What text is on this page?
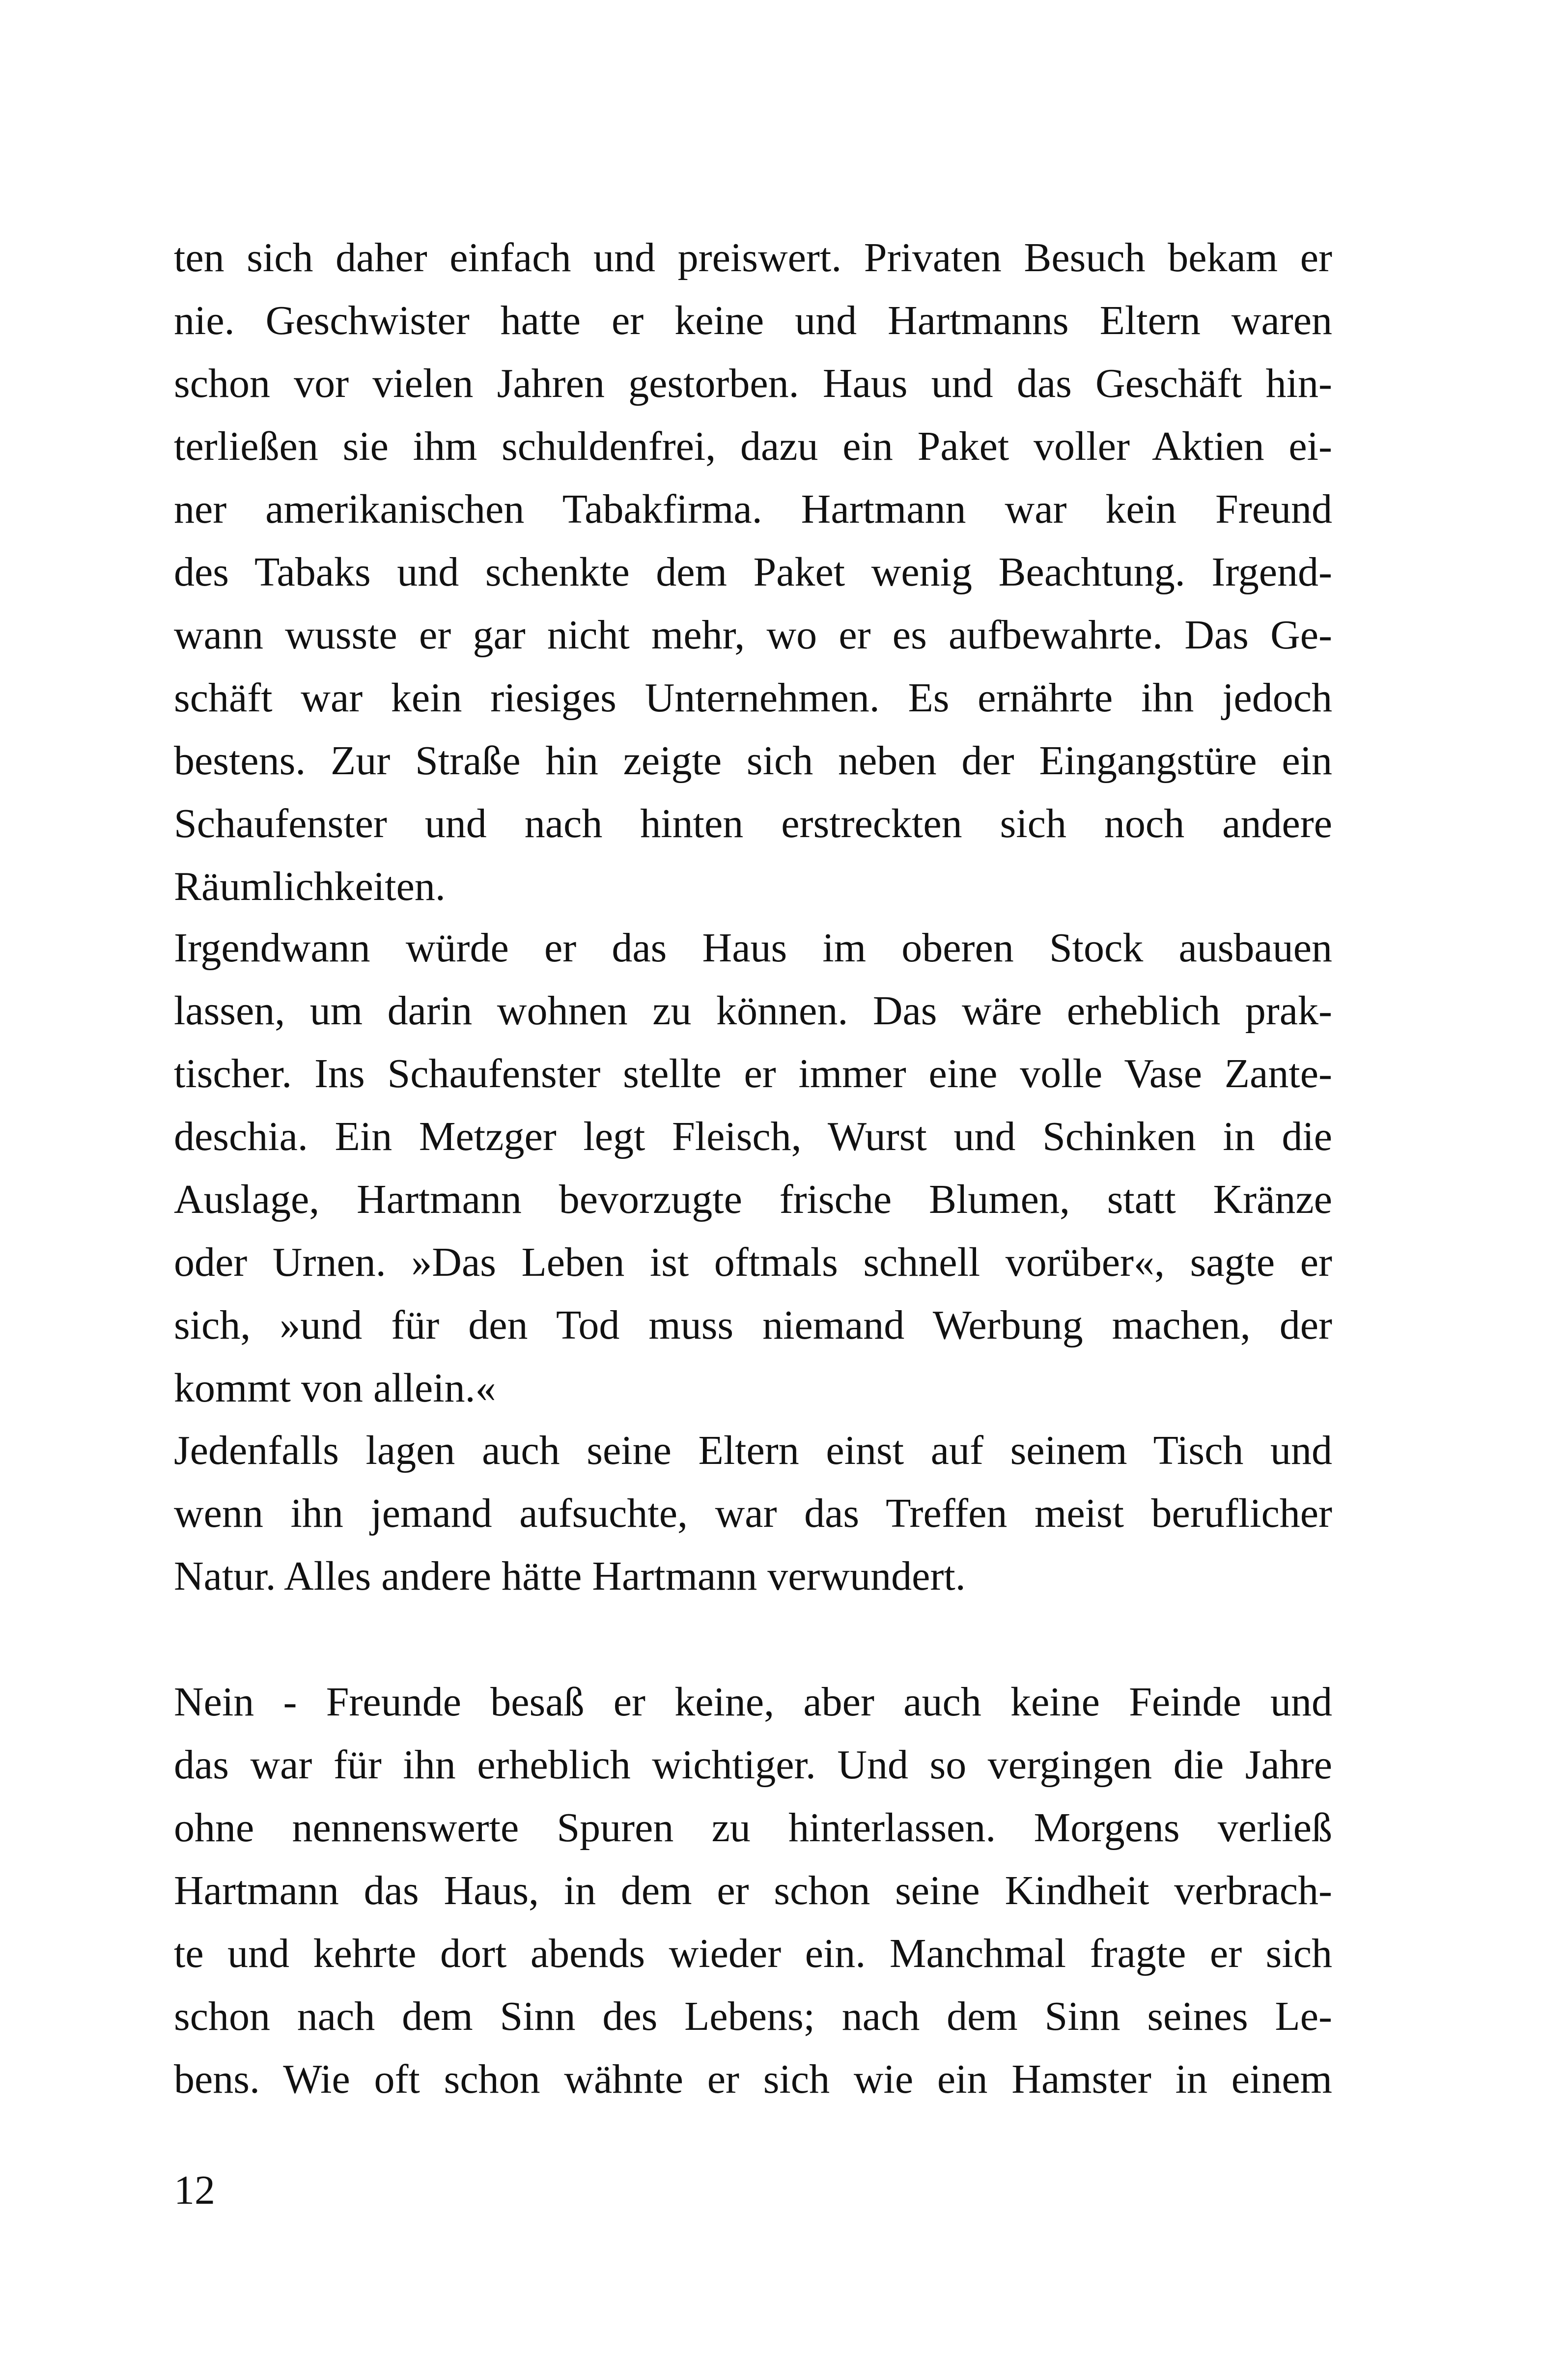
ten sich daher einfach und preiswert. Privaten Besuch bekam er
nie. Geschwister hatte er keine und Hartmanns Eltern waren
schon vor vielen Jahren gestorben. Haus und das Geschäft hin-
terließen sie ihm schuldenfrei, dazu ein Paket voller Aktien ei-
ner amerikanischen Tabakfirma. Hartmann war kein Freund
des Tabaks und schenkte dem Paket wenig Beachtung. Irgend-
wann wusste er gar nicht mehr, wo er es aufbewahrte. Das Ge-
schäft war kein riesiges Unternehmen. Es ernährte ihn jedoch
bestens. Zur Straße hin zeigte sich neben der Eingangstüre ein
Schaufenster und nach hinten erstreckten sich noch andere
Räumlichkeiten.
Irgendwann würde er das Haus im oberen Stock ausbauen
lassen, um darin wohnen zu können. Das wäre erheblich prak-
tischer. Ins Schaufenster stellte er immer eine volle Vase Zante-
deschia. Ein Metzger legt Fleisch, Wurst und Schinken in die
Auslage, Hartmann bevorzugte frische Blumen, statt Kränze
oder Urnen. »Das Leben ist oftmals schnell vorüber«, sagte er
sich, »und für den Tod muss niemand Werbung machen, der
kommt von allein.«
Jedenfalls lagen auch seine Eltern einst auf seinem Tisch und
wenn ihn jemand aufsuchte, war das Treffen meist beruflicher
Natur. Alles andere hätte Hartmann verwundert.
Nein - Freunde besaß er keine, aber auch keine Feinde und
das war für ihn erheblich wichtiger. Und so vergingen die Jahre
ohne nennenswerte Spuren zu hinterlassen. Morgens verließ
Hartmann das Haus, in dem er schon seine Kindheit verbrach-
te und kehrte dort abends wieder ein. Manchmal fragte er sich
schon nach dem Sinn des Lebens; nach dem Sinn seines Le-
bens. Wie oft schon wähnte er sich wie ein Hamster in einem
12
